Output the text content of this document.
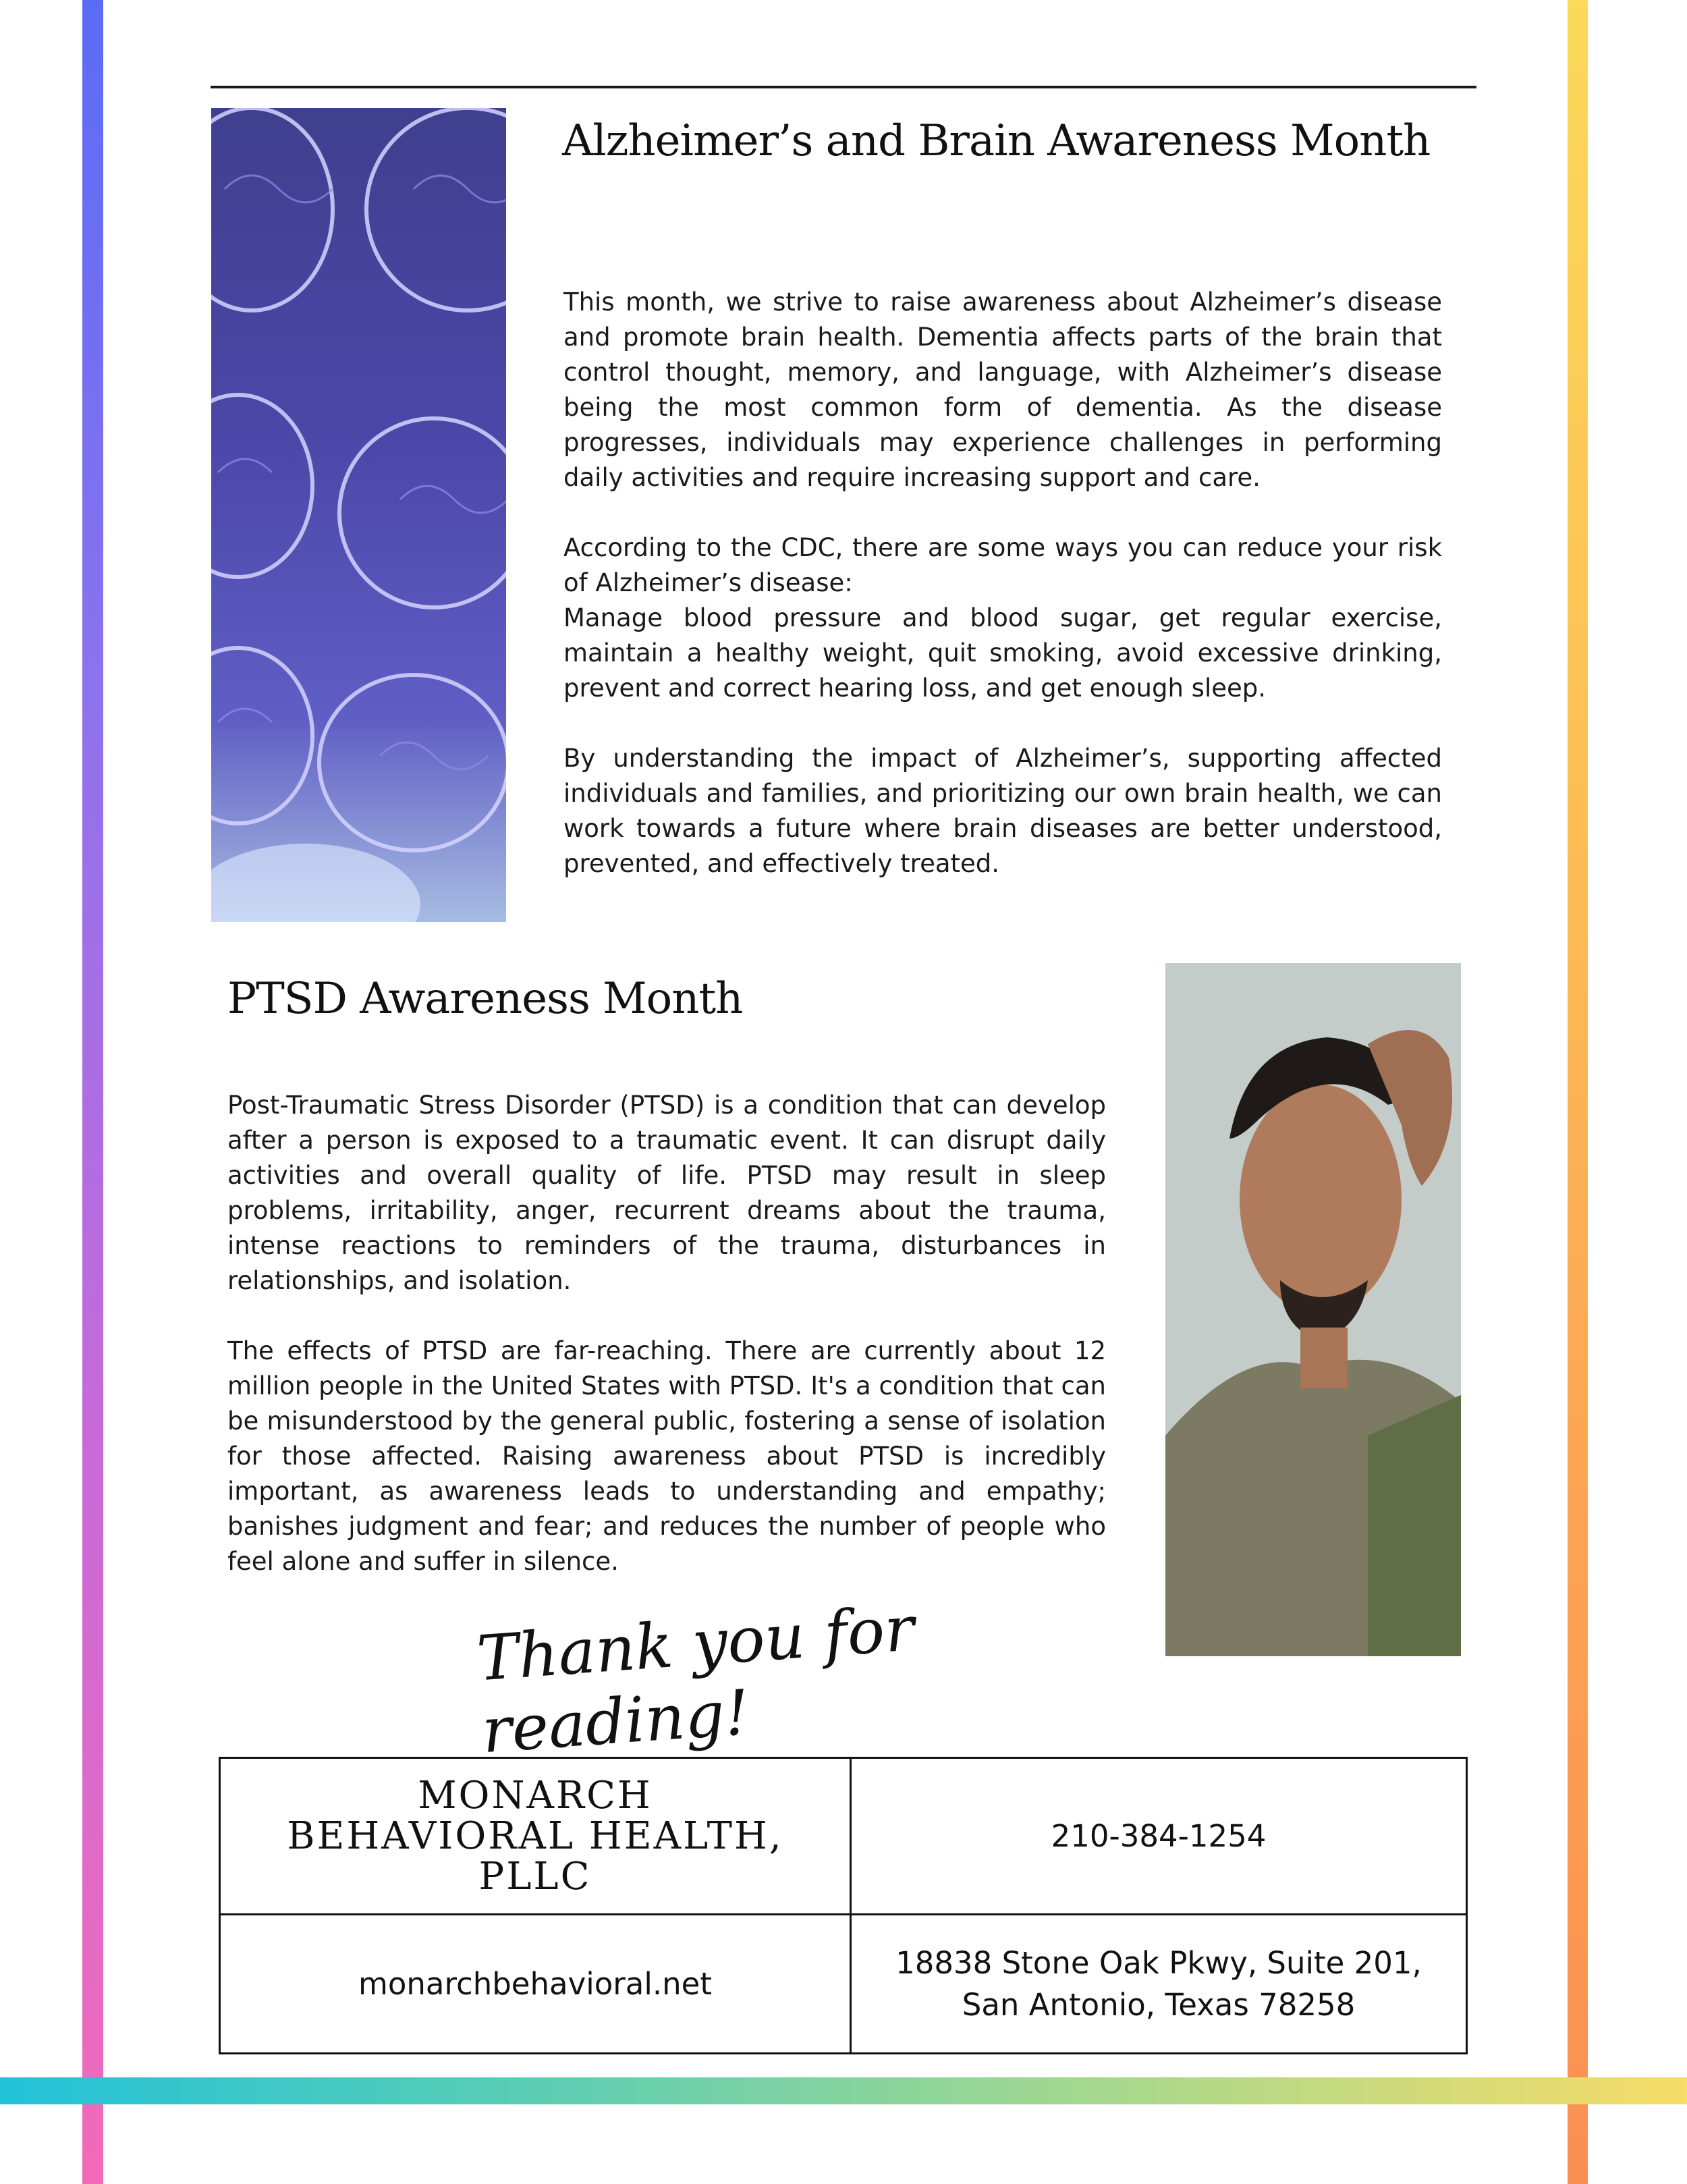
Alzheimer’s and Brain Awareness Month

This month, we strive to raise awareness about Alzheimer’s disease and promote brain health. Dementia affects parts of the brain that control thought, memory, and language, with Alzheimer’s disease being the most common form of dementia. As the disease progresses, individuals may experience challenges in performing daily activities and require increasing support and care.

According to the CDC, there are some ways you can reduce your risk of Alzheimer’s disease:

Manage blood pressure and blood sugar, get regular exercise, maintain a healthy weight, quit smoking, avoid excessive drinking, prevent and correct hearing loss, and get enough sleep.

By understanding the impact of Alzheimer’s, supporting affected individuals and families, and prioritizing our own brain health, we can work towards a future where brain diseases are better understood, prevented, and effectively treated.

PTSD Awareness Month

Post-Traumatic Stress Disorder (PTSD) is a condition that can develop after a person is exposed to a traumatic event. It can disrupt daily activities and overall quality of life. PTSD may result in sleep problems, irritability, anger, recurrent dreams about the trauma, intense reactions to reminders of the trauma, disturbances in relationships, and isolation.

The effects of PTSD are far-reaching. There are currently about 12 million people in the United States with PTSD. It's a condition that can be misunderstood by the general public, fostering a sense of isolation for those affected. Raising awareness about PTSD is incredibly important, as awareness leads to understanding and empathy; banishes judgment and fear; and reduces the number of people who feel alone and suffer in silence.

Thank you for reading!
MONARCH BEHAVIORAL HEALTH, PLLC
210-384-1254
monarchbehavioral.net
18838 Stone Oak Pkwy, Suite 201,
San Antonio, Texas 78258
